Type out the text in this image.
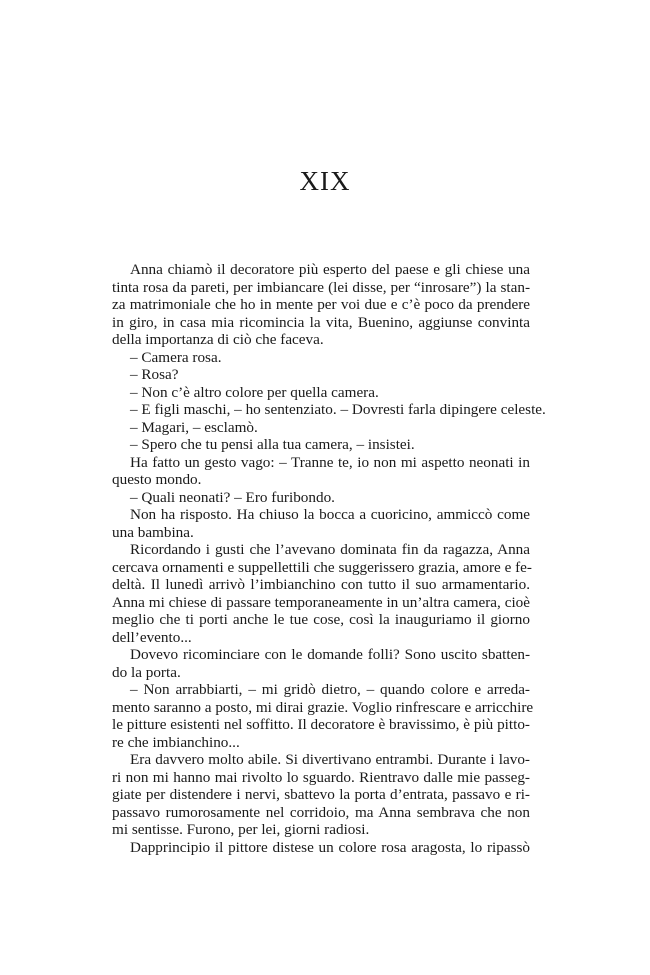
XIX
Anna chiamò il decoratore più esperto del paese e gli chiese una
tinta rosa da pareti, per imbiancare (lei disse, per “inrosare”) la stan-
za matrimoniale che ho in mente per voi due e c’è poco da prendere
in giro, in casa mia ricomincia la vita, Buenino, aggiunse convinta
della importanza di ciò che faceva.
– Camera rosa.
– Rosa?
– Non c’è altro colore per quella camera.
– E figli maschi, – ho sentenziato. – Dovresti farla dipingere celeste.
– Magari, – esclamò.
– Spero che tu pensi alla tua camera, – insistei.
Ha fatto un gesto vago: – Tranne te, io non mi aspetto neonati in
questo mondo.
– Quali neonati? – Ero furibondo.
Non ha risposto. Ha chiuso la bocca a cuoricino, ammiccò come
una bambina.
Ricordando i gusti che l’avevano dominata fin da ragazza, Anna
cercava ornamenti e suppellettili che suggerissero grazia, amore e fe-
deltà. Il lunedì arrivò l’imbianchino con tutto il suo armamentario.
Anna mi chiese di passare temporaneamente in un’altra camera, cioè
meglio che ti porti anche le tue cose, così la inauguriamo il giorno
dell’evento...
Dovevo ricominciare con le domande folli? Sono uscito sbatten-
do la porta.
– Non arrabbiarti, – mi gridò dietro, – quando colore e arreda-
mento saranno a posto, mi dirai grazie. Voglio rinfrescare e arricchire
le pitture esistenti nel soffitto. Il decoratore è bravissimo, è più pitto-
re che imbianchino...
Era davvero molto abile. Si divertivano entrambi. Durante i lavo-
ri non mi hanno mai rivolto lo sguardo. Rientravo dalle mie passeg-
giate per distendere i nervi, sbattevo la porta d’entrata, passavo e ri-
passavo rumorosamente nel corridoio, ma Anna sembrava che non
mi sentisse. Furono, per lei, giorni radiosi.
Dapprincipio il pittore distese un colore rosa aragosta, lo ripassò
